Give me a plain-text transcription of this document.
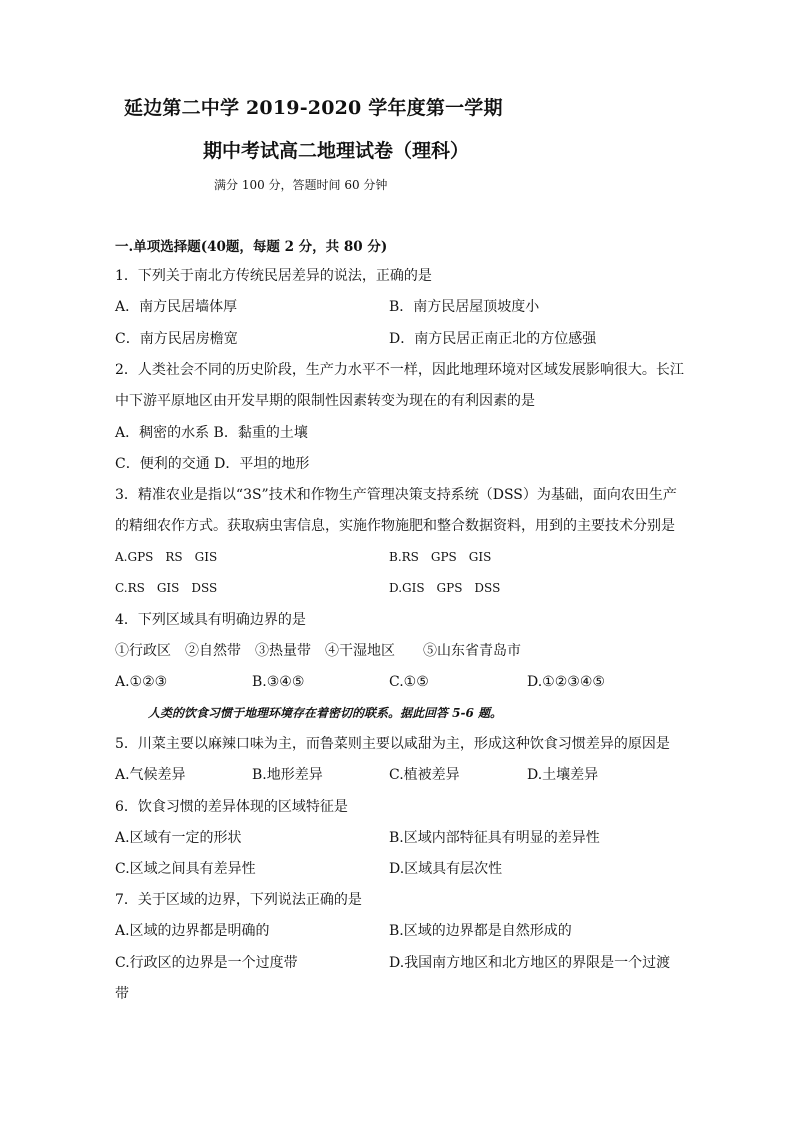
延边第二中学 2019-2020 学年度第一学期
期中考试高二地理试卷（理科）
满分 100 分，答题时间 60 分钟
一.单项选择题(40题，每题 2 分，共 80 分)
1．下列关于南北方传统民居差异的说法，正确的是
A．南方民居墙体厚	B．南方民居屋顶坡度小
C．南方民居房檐宽	D．南方民居正南正北的方位感强
2．人类社会不同的历史阶段，生产力水平不一样，因此地理环境对区域发展影响很大。长江
中下游平原地区由开发早期的限制性因素转变为现在的有利因素的是
A．稠密的水系 B．黏重的土壤
C．便利的交通 D．平坦的地形
3．精准农业是指以“3S”技术和作物生产管理决策支持系统（DSS）为基础，面向农田生产
的精细农作方式。获取病虫害信息，实施作物施肥和整合数据资料，用到的主要技术分别是
A.GPS　RS　GIS	B.RS　GPS　GIS
C.RS　GIS　DSS	D.GIS　GPS　DSS
4．下列区域具有明确边界的是
①行政区　②自然带　③热量带　④干湿地区　　⑤山东省青岛市
A.①②③	B.③④⑤	C.①⑤	D.①②③④⑤
人类的饮食习惯于地理环境存在着密切的联系。据此回答 5-6 题。
5．川菜主要以麻辣口味为主，而鲁菜则主要以咸甜为主，形成这种饮食习惯差异的原因是
A.气候差异	B.地形差异	C.植被差异	D.土壤差异
6．饮食习惯的差异体现的区域特征是
A.区域有一定的形状	B.区域内部特征具有明显的差异性
C.区域之间具有差异性	D.区域具有层次性
7．关于区域的边界，下列说法正确的是
A.区域的边界都是明确的	B.区域的边界都是自然形成的
C.行政区的边界是一个过度带	D.我国南方地区和北方地区的界限是一个过渡
带
